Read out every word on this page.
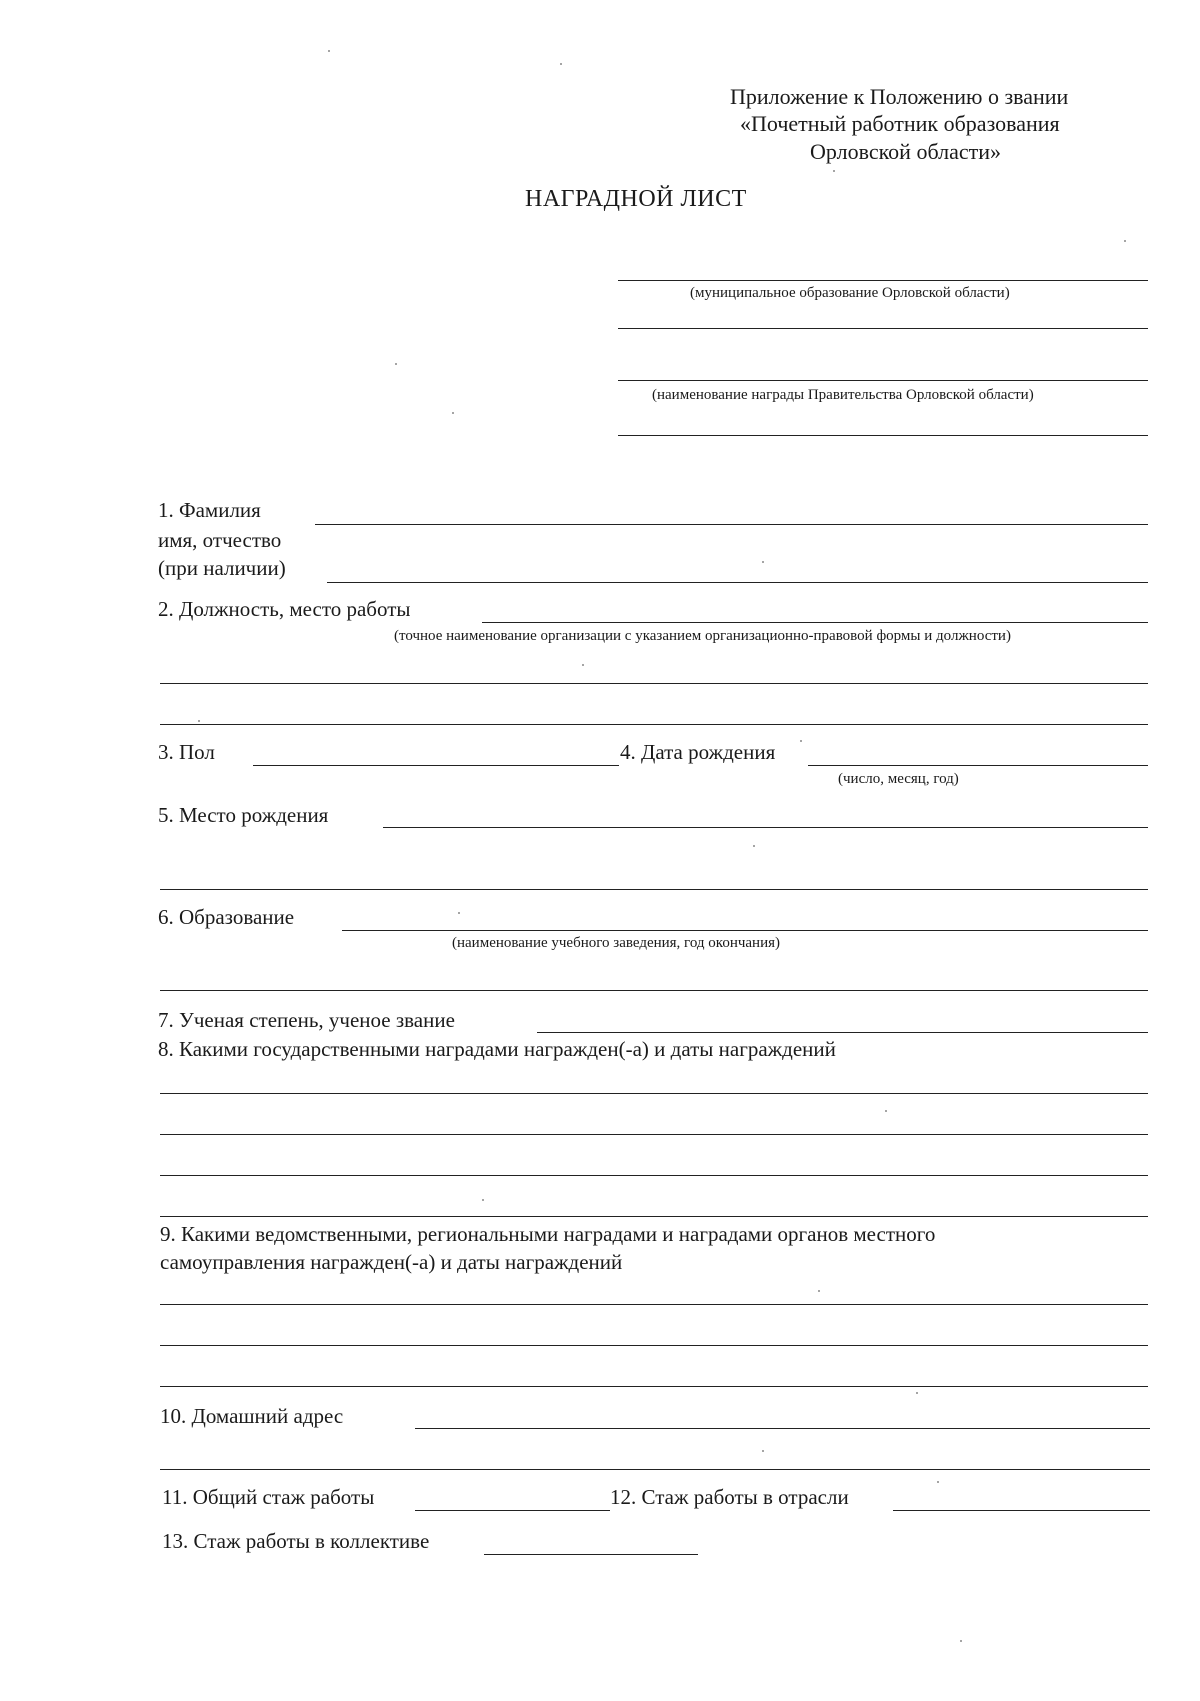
Приложение к Положению о звании
«Почетный работник образования
Орловской области»
НАГРАДНОЙ ЛИСТ
(муниципальное образование Орловской области)
(наименование награды Правительства Орловской области)
1. Фамилия
имя, отчество
(при наличии)
2. Должность, место работы
(точное наименование организации с указанием организационно-правовой формы и должности)
3. Пол	4. Дата рождения
(число, месяц, год)
5. Место рождения
6. Образование
(наименование учебного заведения, год окончания)
7. Ученая степень, ученое звание
8. Какими государственными наградами награжден(-а) и даты награждений
9. Какими ведомственными, региональными наградами и наградами органов местного
самоуправления награжден(-а) и даты награждений
10. Домашний адрес
11. Общий стаж работы	12. Стаж работы в отрасли
13. Стаж работы в коллективе
